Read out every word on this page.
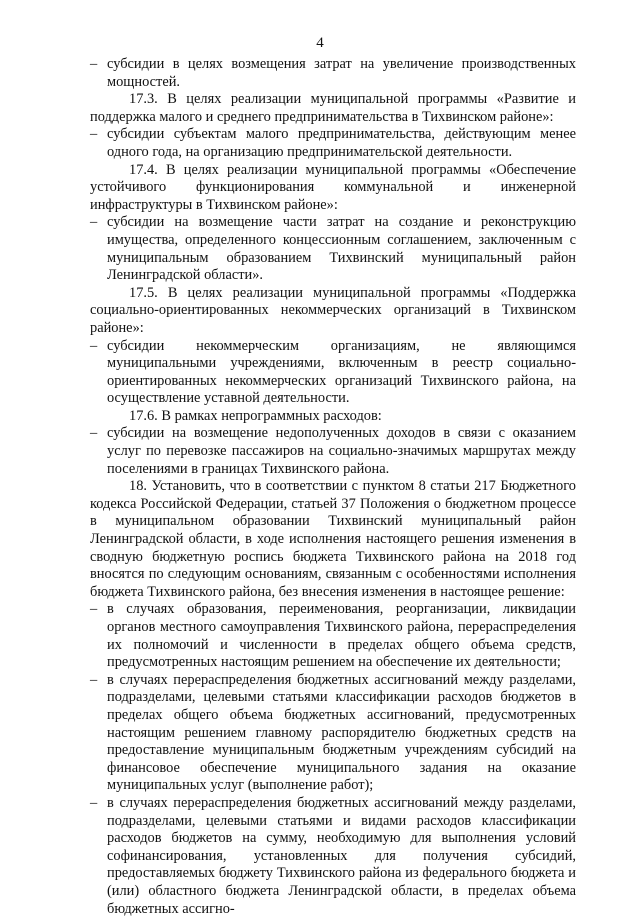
4

– субсидии в целях возмещения затрат на увеличение производственных мощностей.

17.3. В целях реализации муниципальной программы «Развитие и поддержка малого и среднего предпринимательства в Тихвинском районе»:

– субсидии субъектам малого предпринимательства, действующим менее одного года, на организацию предпринимательской деятельности.

17.4. В целях реализации муниципальной программы «Обеспечение устойчивого функционирования коммунальной и инженерной инфраструктуры в Тихвинском районе»:

– субсидии на возмещение части затрат на создание и реконструкцию имущества, определенного концессионным соглашением, заключенным с муниципальным образованием Тихвинский муниципальный район Ленинградской области».

17.5. В целях реализации муниципальной программы «Поддержка социально-ориентированных некоммерческих организаций в Тихвинском районе»:

– субсидии некоммерческим организациям, не являющимся муниципальными учреждениями, включенным в реестр социально-ориентированных некоммерческих организаций Тихвинского района, на осуществление уставной деятельности.

17.6. В рамках непрограммных расходов:

– субсидии на возмещение недополученных доходов в связи с оказанием услуг по перевозке пассажиров на социально-значимых маршрутах между поселениями в границах Тихвинского района.

18. Установить, что в соответствии с пунктом 8 статьи 217 Бюджетного кодекса Российской Федерации, статьей 37 Положения о бюджетном процессе в муниципальном образовании Тихвинский муниципальный район Ленинградской области, в ходе исполнения настоящего решения изменения в сводную бюджетную роспись бюджета Тихвинского района на 2018 год вносятся по следующим основаниям, связанным с особенностями исполнения бюджета Тихвинского района, без внесения изменения в настоящее решение:

– в случаях образования, переименования, реорганизации, ликвидации органов местного самоуправления Тихвинского района, перераспределения их полномочий и численности в пределах общего объема средств, предусмотренных настоящим решением на обеспечение их деятельности;

– в случаях перераспределения бюджетных ассигнований между разделами, подразделами, целевыми статьями классификации расходов бюджетов в пределах общего объема бюджетных ассигнований, предусмотренных настоящим решением главному распорядителю бюджетных средств на предоставление муниципальным бюджетным учреждениям субсидий на финансовое обеспечение муниципального задания на оказание муниципальных услуг (выполнение работ);

– в случаях перераспределения бюджетных ассигнований между разделами, подразделами, целевыми статьями и видами расходов классификации расходов бюджетов на сумму, необходимую для выполнения условий софинансирования, установленных для получения субсидий, предоставляемых бюджету Тихвинского района из федерального бюджета и (или) областного бюджета Ленинградской области, в пределах объема бюджетных ассигно-
